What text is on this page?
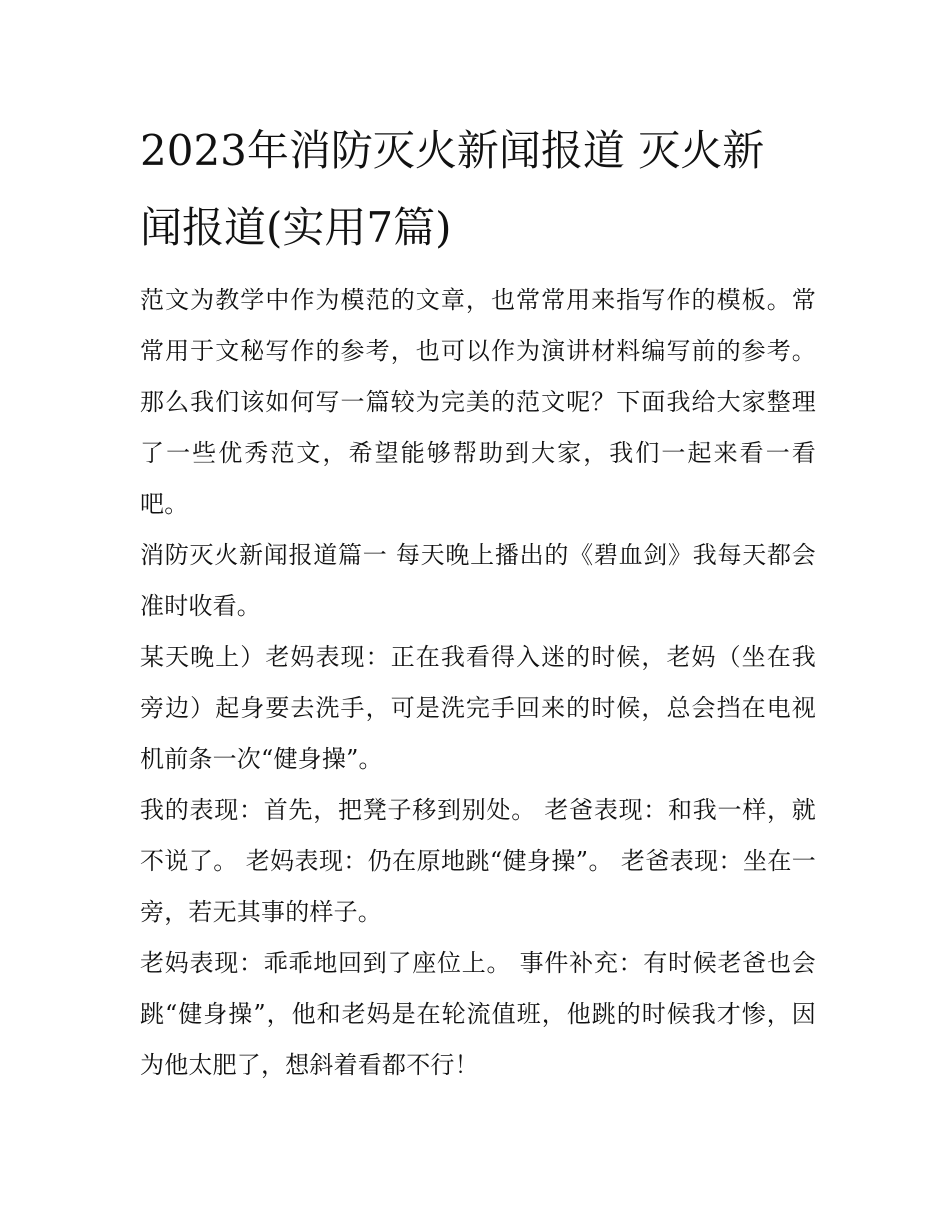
2023年消防灭火新闻报道 灭火新闻报道(实用7篇)

范文为教学中作为模范的文章，也常常用来指写作的模板。常常用于文秘写作的参考，也可以作为演讲材料编写前的参考。那么我们该如何写一篇较为完美的范文呢？下面我给大家整理了一些优秀范文，希望能够帮助到大家，我们一起来看一看吧。

消防灭火新闻报道篇一 每天晚上播出的《碧血剑》我每天都会准时收看。

某天晚上）老妈表现：正在我看得入迷的时候，老妈（坐在我旁边）起身要去洗手，可是洗完手回来的时候，总会挡在电视机前条一次“健身操”。

我的表现：首先，把凳子移到别处。 老爸表现：和我一样，就不说了。 老妈表现：仍在原地跳“健身操”。 老爸表现：坐在一旁，若无其事的样子。

老妈表现：乖乖地回到了座位上。 事件补充：有时候老爸也会跳“健身操”，他和老妈是在轮流值班，他跳的时候我才惨，因为他太肥了，想斜着看都不行！
